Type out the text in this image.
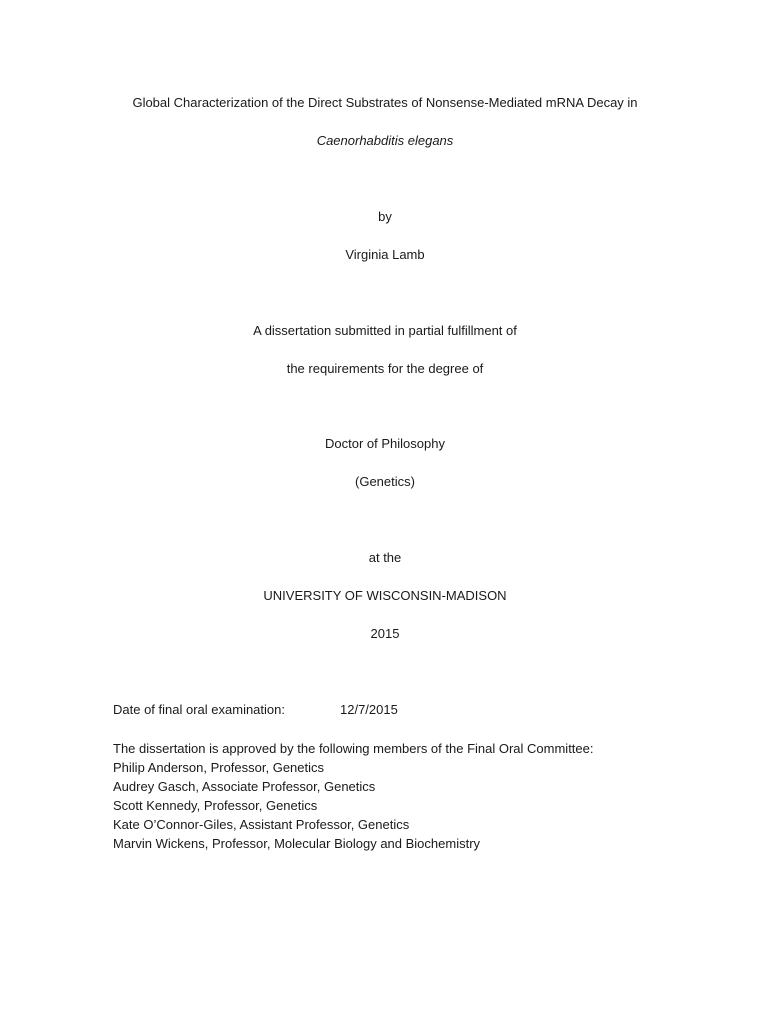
Global Characterization of the Direct Substrates of Nonsense-Mediated mRNA Decay in
Caenorhabditis elegans
by
Virginia Lamb
A dissertation submitted in partial fulfillment of
the requirements for the degree of
Doctor of Philosophy
(Genetics)
at the
UNIVERSITY OF WISCONSIN-MADISON
2015
Date of final oral examination:	12/7/2015
The dissertation is approved by the following members of the Final Oral Committee:
Philip Anderson, Professor, Genetics
Audrey Gasch, Associate Professor, Genetics
Scott Kennedy, Professor, Genetics
Kate O’Connor-Giles, Assistant Professor, Genetics
Marvin Wickens, Professor, Molecular Biology and Biochemistry
